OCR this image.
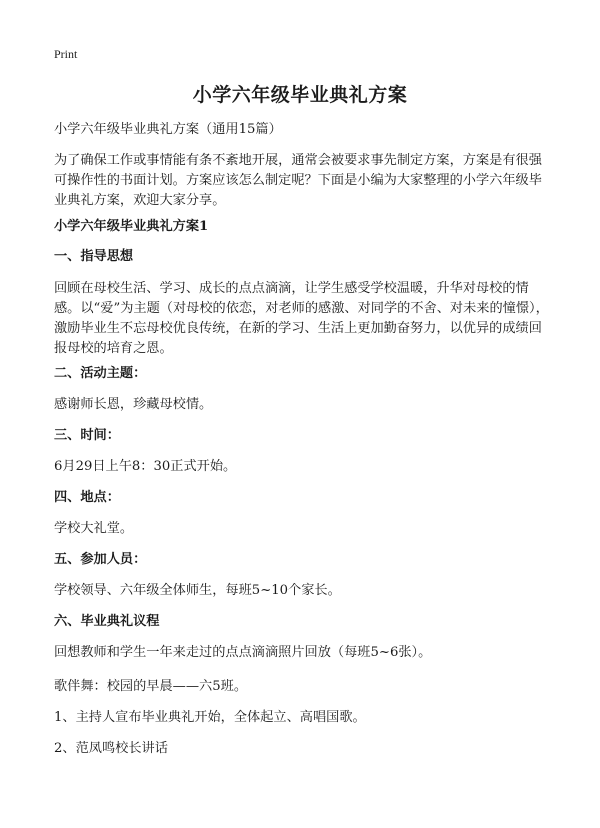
Print
小学六年级毕业典礼方案

小学六年级毕业典礼方案（通用15篇）

为了确保工作或事情能有条不紊地开展，通常会被要求事先制定方案，方案是有很强可操作性的书面计划。方案应该怎么制定呢？下面是小编为大家整理的小学六年级毕业典礼方案，欢迎大家分享。

小学六年级毕业典礼方案1

一、指导思想

回顾在母校生活、学习、成长的点点滴滴，让学生感受学校温暖，升华对母校的情感。以“爱”为主题（对母校的依恋，对老师的感激、对同学的不舍、对未来的憧憬），激励毕业生不忘母校优良传统，在新的学习、生活上更加勤奋努力，以优异的成绩回报母校的培育之恩。

二、活动主题：

感谢师长恩，珍藏母校情。

三、时间：

6月29日上午8：30正式开始。

四、地点：

学校大礼堂。

五、参加人员：

学校领导、六年级全体师生，每班5~10个家长。

六、毕业典礼议程

回想教师和学生一年来走过的点点滴滴照片回放（每班5~6张）。

歌伴舞：校园的早晨——六5班。

1、主持人宣布毕业典礼开始，全体起立、高唱国歌。

2、范凤鸣校长讲话
